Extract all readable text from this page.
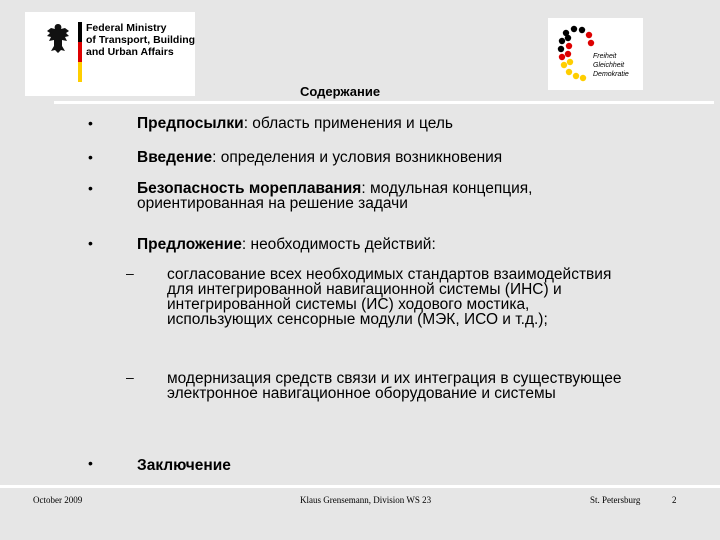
Federal Ministry
of Transport, Building
and Urban Affairs	Freiheit
Gleichheit
Demokratie
Содержание
•	Предпосылки: область применения и цель
•	Введение: определения и условия возникновения
•	Безопасность мореплавания: модульная концепция, ориентированная на решение задачи
•	Предложение: необходимость действий:
– согласование всех необходимых стандартов взаимодействия для интегрированной навигационной системы (ИНС) и интегрированной системы (ИС) ходового мостика, использующих сенсорные модули (МЭК, ИСО и т.д.);
– модернизация средств связи и их интеграция в существующее электронное навигационное оборудование и системы
•	Заключение
October 2009	Klaus Grensemann, Division WS 23	St. Petersburg	2
